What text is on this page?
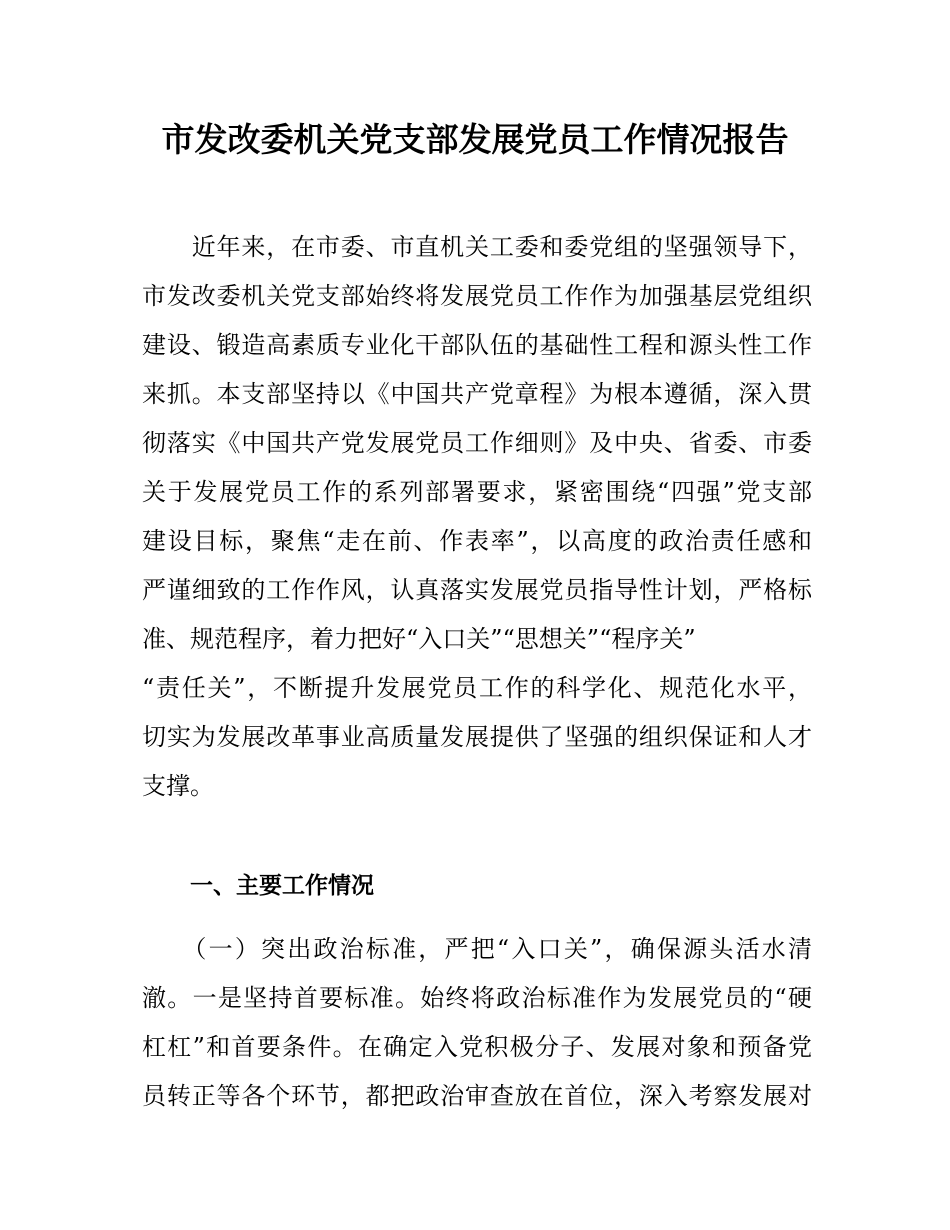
市发改委机关党支部发展党员工作情况报告
　　近年来，在市委、市直机关工委和委党组的坚强领导下，
市发改委机关党支部始终将发展党员工作作为加强基层党组织
建设、锻造高素质专业化干部队伍的基础性工程和源头性工作
来抓。本支部坚持以《中国共产党章程》为根本遵循，深入贯
彻落实《中国共产党发展党员工作细则》及中央、省委、市委
关于发展党员工作的系列部署要求，紧密围绕“四强”党支部
建设目标，聚焦“走在前、作表率”，以高度的政治责任感和
严谨细致的工作作风，认真落实发展党员指导性计划，严格标
准、规范程序，着力把好“入口关”“思想关”“程序关”
“责任关”，不断提升发展党员工作的科学化、规范化水平，
切实为发展改革事业高质量发展提供了坚强的组织保证和人才
支撑。
一、主要工作情况
　　（一）突出政治标准，严把“入口关”，确保源头活水清
澈。一是坚持首要标准。始终将政治标准作为发展党员的“硬
杠杠”和首要条件。在确定入党积极分子、发展对象和预备党
员转正等各个环节，都把政治审查放在首位，深入考察发展对
